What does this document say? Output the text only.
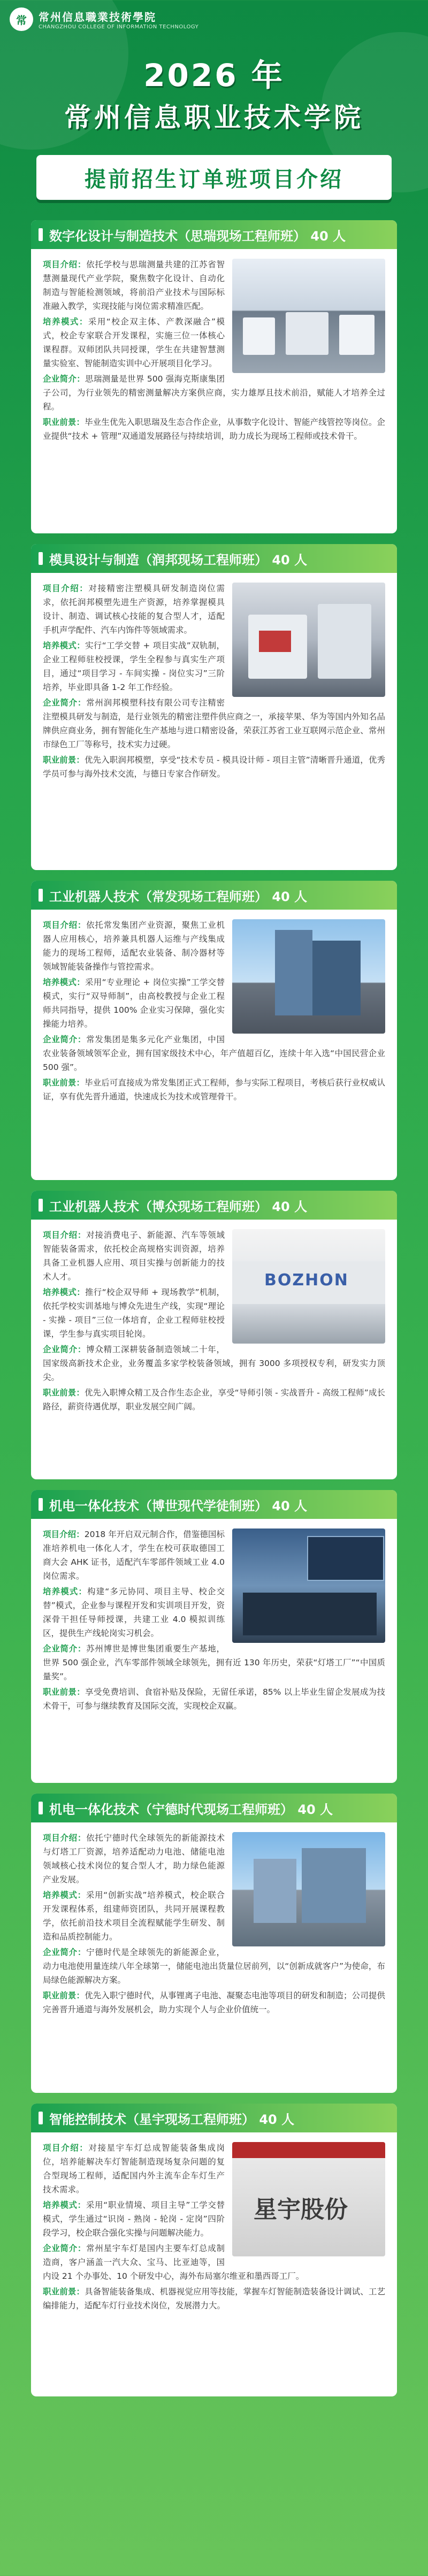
常	常州信息職業技術學院
CHANGZHOU COLLEGE OF INFORMATION TECHNOLOGY
2026 年
常州信息职业技术学院
提前招生订单班项目介绍
数字化设计与制造技术（思瑞现场工程师班） 40 人

项目介绍：依托学校与思瑞测量共建的江苏省智慧测量现代产业学院，聚焦数字化设计、自动化制造与智能检测领域，将前沿产业技术与国际标准融入教学，实现技能与岗位需求精准匹配。

培养模式：采用“校企双主体、产教深融合”模式，校企专家联合开发课程，实施三位一体核心课程群。双师团队共同授课，学生在共建智慧测量实验室、智能制造实训中心开展项目化学习。

企业简介：思瑞测量是世界 500 强海克斯康集团子公司，为行业领先的精密测量解决方案供应商，实力雄厚且技术前沿，赋能人才培养全过程。

职业前景：毕业生优先入职思瑞及生态合作企业，从事数字化设计、智能产线管控等岗位。企业提供“技术 + 管理”双通道发展路径与持续培训，助力成长为现场工程师或技术骨干。

模具设计与制造（润邦现场工程师班） 40 人

项目介绍：对接精密注塑模具研发制造岗位需求，依托润邦模塑先进生产资源，培养掌握模具设计、制造、调试核心技能的复合型人才，适配手机声学配件、汽车内饰件等领域需求。

培养模式：实行“工学交替 + 项目实战”双轨制，企业工程师驻校授课，学生全程参与真实生产项目，通过“项目学习 - 车间实操 - 岗位实习”三阶培养，毕业即具备 1-2 年工作经验。

企业简介：常州润邦模塑科技有限公司专注精密注塑模具研发与制造，是行业领先的精密注塑件供应商之一，承接苹果、华为等国内外知名品牌供应商业务，拥有智能化生产基地与进口精密设备，荣获江苏省工业互联网示范企业、常州市绿色工厂等称号，技术实力过硬。

职业前景：优先入职润邦模塑，享受“技术专员 - 模具设计师 - 项目主管”清晰晋升通道，优秀学员可参与海外技术交流，与德日专家合作研发。

工业机器人技术（常发现场工程师班） 40 人

项目介绍：依托常发集团产业资源，聚焦工业机器人应用核心，培养兼具机器人运维与产线集成能力的现场工程师，适配农业装备、制冷器材等领域智能装备操作与管控需求。

培养模式：采用“专业理论 + 岗位实操”工学交替模式，实行“双导师制”，由高校教授与企业工程师共同指导，提供 100% 企业实习保障，强化实操能力培养。

企业简介：常发集团是集多元化产业集团，中国农业装备领域领军企业，拥有国家级技术中心，年产值超百亿，连续十年入选“中国民营企业 500 强”。

职业前景：毕业后可直接成为常发集团正式工程师，参与实际工程项目，考核后获行业权威认证，享有优先晋升通道，快速成长为技术或管理骨干。

工业机器人技术（博众现场工程师班） 40 人
BOZHON

项目介绍：对接消费电子、新能源、汽车等领域智能装备需求，依托校企高规格实训资源，培养具备工业机器人应用、项目实操与创新能力的技术人才。

培养模式：推行“校企双导师 + 现场教学”机制，依托学校实训基地与博众先进生产线，实现“理论 - 实操 - 项目”三位一体培育，企业工程师驻校授课，学生参与真实项目轮岗。

企业简介：博众精工深耕装备制造领域二十年，国家级高新技术企业，业务覆盖多家学校装备领域，拥有 3000 多项授权专利，研发实力顶尖。

职业前景：优先入职博众精工及合作生态企业，享受“导师引领 - 实战晋升 - 高级工程师”成长路径，薪资待遇优厚，职业发展空间广阔。

机电一体化技术（博世现代学徒制班） 40 人

项目介绍：2018 年开启双元制合作，借鉴德国标准培养机电一体化人才，学生在校可获取德国工商大会 AHK 证书，适配汽车零部件领域工业 4.0 岗位需求。

培养模式：构建“多元协同、项目主导、校企交替”模式，企业参与课程开发和实训项目开发，资深骨干担任导师授课，共建工业 4.0 模拟训练区，提供生产线轮岗实习机会。

企业简介：苏州博世是博世集团重要生产基地，世界 500 强企业，汽车零部件领域全球领先，拥有近 130 年历史，荣获“灯塔工厂”“中国质量奖”。

职业前景：享受免费培训、食宿补贴及保险，无留任承诺，85% 以上毕业生留企发展成为技术骨干，可参与继续教育及国际交流，实现校企双赢。

机电一体化技术（宁德时代现场工程师班） 40 人

项目介绍：依托宁德时代全球领先的新能源技术与灯塔工厂资源，培养适配动力电池、储能电池领域核心技术岗位的复合型人才，助力绿色能源产业发展。

培养模式：采用“创新实战”培养模式，校企联合开发课程体系，组建师资团队，共同开展课程教学，依托前沿技术项目全流程赋能学生研发、制造和品质控制能力。

企业简介：宁德时代是全球领先的新能源企业，动力电池使用量连续八年全球第一，储能电池出货量位居前列，以“创新成就客户”为使命，布局绿色能源解决方案。

职业前景：优先入职宁德时代，从事锂离子电池、凝聚态电池等项目的研发和制造；公司提供完善晋升通道与海外发展机会，助力实现个人与企业价值统一。

智能控制技术（星宇现场工程师班） 40 人
星宇股份

项目介绍：对接星宇车灯总成智能装备集成岗位，培养能解决车灯智能制造现场复杂问题的复合型现场工程师，适配国内外主流车企车灯生产技术需求。

培养模式：采用“职业情境、项目主导”工学交替模式，学生通过“识岗 - 熟岗 - 轮岗 - 定岗”四阶段学习，校企联合强化实操与问题解决能力。

企业简介：常州星宇车灯是国内主要车灯总成制造商，客户涵盖一汽大众、宝马、比亚迪等，国内设 21 个办事处、10 个研发中心，海外布局塞尔维亚和墨西哥工厂。

职业前景：具备智能装备集成、机器视觉应用等技能，掌握车灯智能制造装备设计调试、工艺编排能力，适配车灯行业技术岗位，发展潜力大。
